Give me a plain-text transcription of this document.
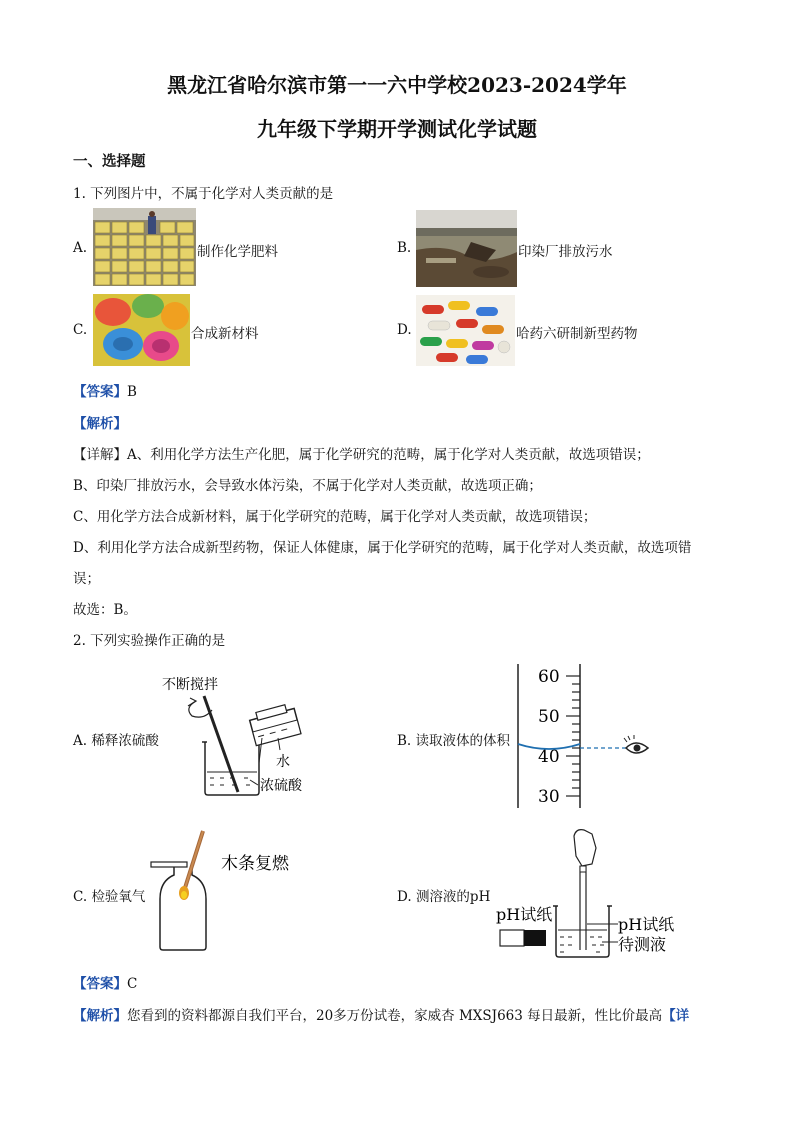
黑龙江省哈尔滨市第一一六中学校2023-2024学年
九年级下学期开学测试化学试题
一、选择题
1. 下列图片中，不属于化学对人类贡献的是
A.	制作化学肥料	B.	印染厂排放污水
C.	合成新材料	D.	哈药六研制新型药物
【答案】B
【解析】
【详解】A、利用化学方法生产化肥，属于化学研究的范畴，属于化学对人类贡献，故选项错误；
B、印染厂排放污水，会导致水体污染，不属于化学对人类贡献，故选项正确；
C、用化学方法合成新材料，属于化学研究的范畴，属于化学对人类贡献，故选项错误；
D、利用化学方法合成新型药物，保证人体健康，属于化学研究的范畴，属于化学对人类贡献，故选项错
误；
故选：B。
2. 下列实验操作正确的是
A. 稀释浓硫酸
不断搅拌
水
浓硫酸
B. 读取液体的体积
60
50
40
30
C. 检验氧气
木条复燃
D. 测溶液的pH
pH试纸
pH试纸
待测液
【答案】C
【解析】您看到的资料都源自我们平台，20多万份试卷，家威杏 MXSJ663 每日最新，性比价最高【详
